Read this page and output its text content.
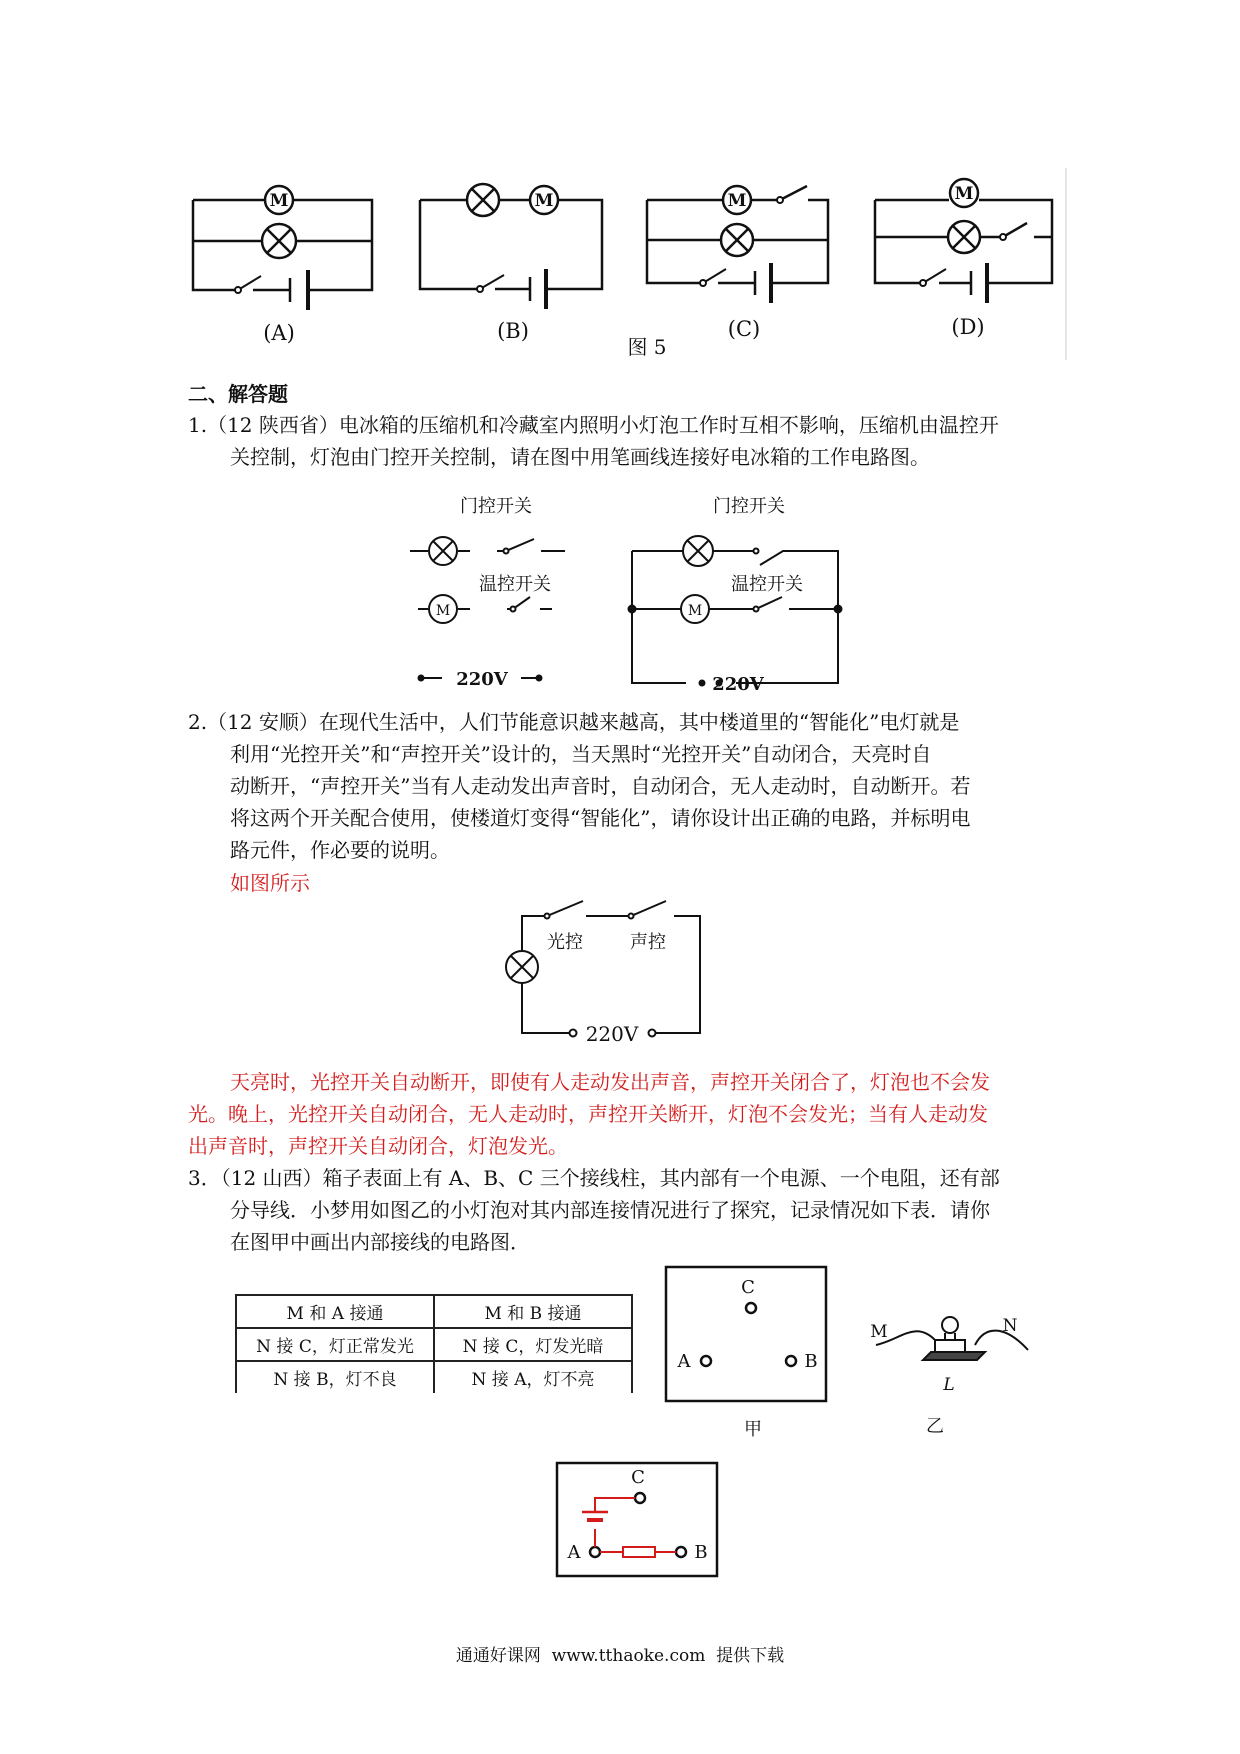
M	M	M	M
(A)	(B)	(C)	(D)
图 5
二、解答题
1.（12 陕西省）电冰箱的压缩机和冷藏室内照明小灯泡工作时互相不影响，压缩机由温控开
关控制，灯泡由门控开关控制，请在图中用笔画线连接好电冰箱的工作电路图。
门控开关
温控开关
M
220V
门控开关
温控开关
M
220V
2.（12 安顺）在现代生活中，人们节能意识越来越高，其中楼道里的“智能化”电灯就是
利用“光控开关”和“声控开关”设计的，当天黑时“光控开关”自动闭合，天亮时自
动断开，“声控开关”当有人走动发出声音时，自动闭合，无人走动时，自动断开。若
将这两个开关配合使用，使楼道灯变得“智能化”，请你设计出正确的电路，并标明电
路元件，作必要的说明。
如图所示
光控	声控
220V
天亮时，光控开关自动断开，即使有人走动发出声音，声控开关闭合了，灯泡也不会发
光。晚上，光控开关自动闭合，无人走动时，声控开关断开，灯泡不会发光；当有人走动发
出声音时，声控开关自动闭合，灯泡发光。
3．（12 山西）箱子表面上有 A、B、C 三个接线柱，其内部有一个电源、一个电阻，还有部
分导线．小梦用如图乙的小灯泡对其内部连接情况进行了探究，记录情况如下表．请你
在图甲中画出内部接线的电路图．
M 和 A 接通	M 和 B 接通
N 接 C，灯正常发光	N 接 C，灯发光暗
N 接 B，灯不良	N 接 A，灯不亮
C
A	B
M	N
L
甲	乙
C
A	B
通通好课网  www.tthaoke.com  提供下载
